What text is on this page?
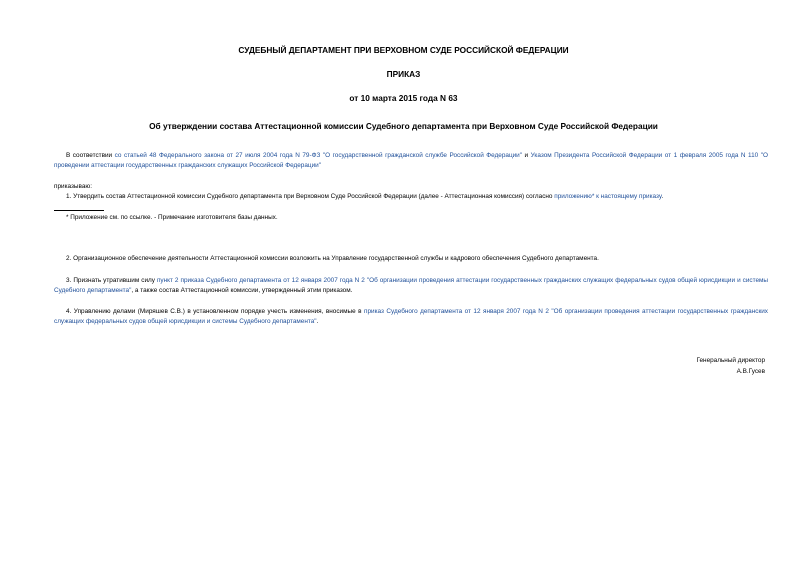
СУДЕБНЫЙ ДЕПАРТАМЕНТ ПРИ ВЕРХОВНОМ СУДЕ РОССИЙСКОЙ ФЕДЕРАЦИИ
ПРИКАЗ
от 10 марта 2015 года N 63
Об утверждении состава Аттестационной комиссии Судебного департамента при Верховном Суде Российской Федерации
В соответствии со статьей 48 Федерального закона от 27 июля 2004 года N 79-ФЗ "О государственной гражданской службе Российской Федерации" и Указом Президента Российской Федерации от 1 февраля 2005 года N 110 "О проведении аттестации государственных гражданских служащих Российской Федерации"
приказываю:
1. Утвердить состав Аттестационной комиссии Судебного департамента при Верховном Суде Российской Федерации (далее - Аттестационная комиссия) согласно приложению* к настоящему приказу.
* Приложение см. по ссылке. - Примечание изготовителя базы данных.
2. Организационное обеспечение деятельности Аттестационной комиссии возложить на Управление государственной службы и кадрового обеспечения Судебного департамента.
3. Признать утратившим силу пункт 2 приказа Судебного департамента от 12 января 2007 года N 2 "Об организации проведения аттестации государственных гражданских служащих федеральных судов общей юрисдикции и системы Судебного департамента", а также состав Аттестационной комиссии, утвержденный этим приказом.
4. Управлению делами (Миряшев С.В.) в установленном порядке учесть изменения, вносимые в приказ Судебного департамента от 12 января 2007 года N 2 "Об организации проведения аттестации государственных гражданских служащих федеральных судов общей юрисдикции и системы Судебного департамента".
Генеральный директор
А.В.Гусев
